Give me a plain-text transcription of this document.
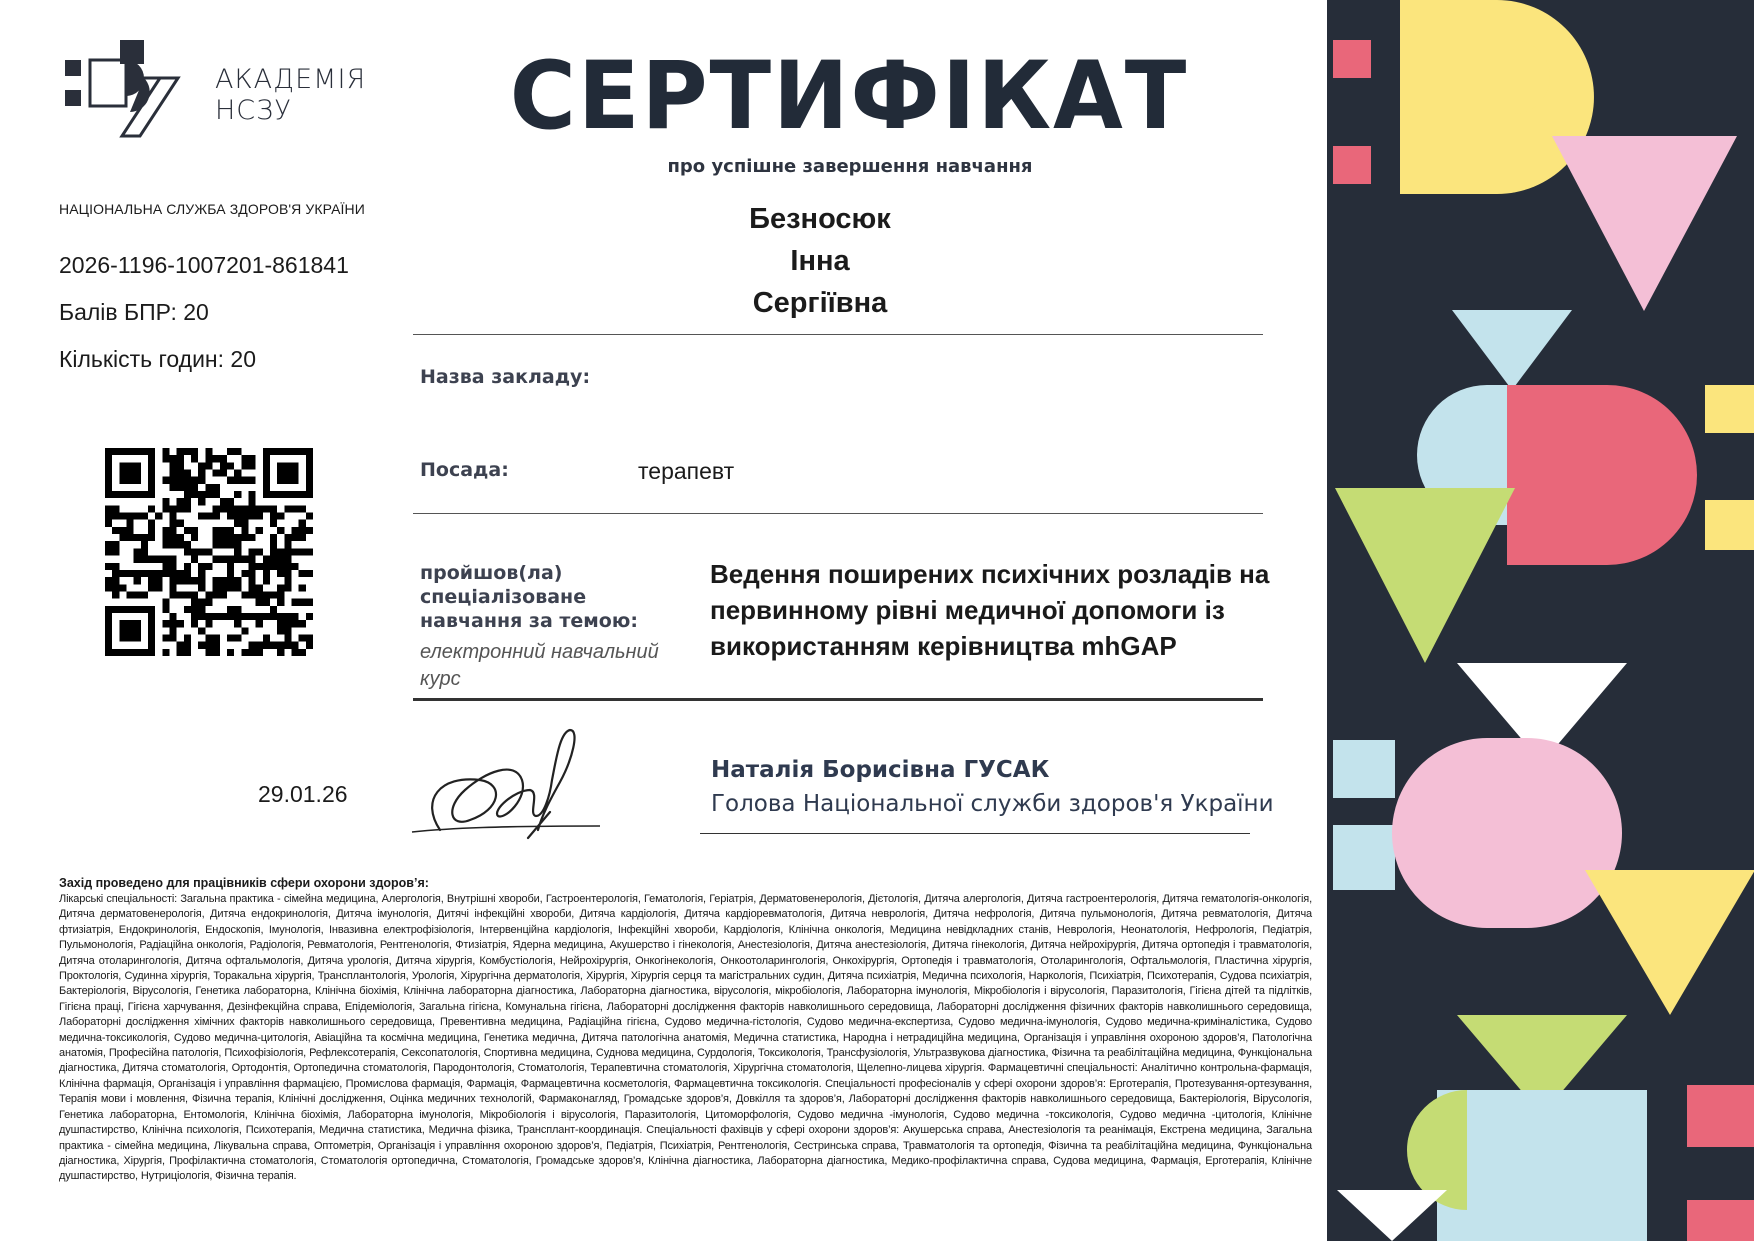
АКАДЕМІЯ
НСЗУ
НАЦІОНАЛЬНА СЛУЖБА ЗДОРОВ'Я УКРАЇНИ
2026-1196-1007201-861841
Балів БПР: 20
Кількість годин: 20
СЕРТИФІКАТ
про успішне завершення навчання
Безносюк
Інна
Сергіївна
Назва закладу:
Посада:	терапевт
пройшов(ла) спеціалізоване навчання за темою:
електронний навчальний курс
Ведення поширених психічних розладів на первинному рівні медичної допомоги із використанням керівництва mhGAP
29.01.26
Наталія Борисівна ГУСАК
Голова Національної служби здоров'я України
Захід проведено для працівників сфери охорони здоров’я:
Лікарські спеціальності: Загальна практика - сімейна медицина, Алергологія, Внутрішні хвороби, Гастроентерологія, Гематологія, Геріатрія, Дерматовенерологія, Дієтологія, Дитяча алергологія, Дитяча гастроентерологія, Дитяча гематологія-онкологія, Дитяча дерматовенерологія, Дитяча ендокринологія, Дитяча імунологія, Дитячі інфекційні хвороби, Дитяча кардіологія, Дитяча кардіоревматологія, Дитяча неврологія, Дитяча нефрологія, Дитяча пульмонологія, Дитяча ревматологія, Дитяча фтизіатрія, Ендокринологія, Ендоскопія, Імунологія, Інвазивна електрофізіологія, Інтервенційна кардіологія, Інфекційні хвороби, Кардіологія, Клінічна онкологія, Медицина невідкладних станів, Неврологія, Неонатологія, Нефрологія, Педіатрія, Пульмонологія, Радіаційна онкологія, Радіологія, Ревматологія, Рентгенологія, Фтизіатрія, Ядерна медицина, Акушерство і гінекологія, Анестезіологія, Дитяча анестезіологія, Дитяча гінекологія, Дитяча нейрохірургія, Дитяча ортопедія і травматологія, Дитяча отоларингологія, Дитяча офтальмологія, Дитяча урологія, Дитяча хірургія, Комбустіологія, Нейрохірургія, Онкогінекологія, Онкоотоларингологія, Онкохірургія, Ортопедія і травматологія, Отоларингологія, Офтальмологія, Пластична хірургія, Проктологія, Судинна хірургія, Торакальна хірургія, Трансплантологія, Урологія, Хірургічна дерматологія, Хірургія, Хірургія серця та магістральних судин, Дитяча психіатрія, Медична психологія, Наркологія, Психіатрія, Психотерапія, Судова психіатрія, Бактеріологія, Вірусологія, Генетика лабораторна, Клінічна біохімія, Клінічна лабораторна діагностика, Лабораторна діагностика, вірусологія, мікробіологія, Лабораторна імунологія, Мікробіологія і вірусологія, Паразитологія, Гігієна дітей та підлітків, Гігієна праці, Гігієна харчування, Дезінфекційна справа, Епідеміологія, Загальна гігієна, Комунальна гігієна, Лабораторні дослідження факторів навколишнього середовища, Лабораторні дослідження фізичних факторів навколишнього середовища, Лабораторні дослідження хімічних факторів навколишнього середовища, Превентивна медицина, Радіаційна гігієна, Судово медична-гістологія, Судово медична-експертиза, Судово медична-імунологія, Судово медична-криміналістика, Судово медична-токсикологія, Судово медична-цитологія, Авіаційна та космічна медицина, Генетика медична, Дитяча патологічна анатомія, Медична статистика, Народна і нетрадиційна медицина, Організація і управління охороною здоров’я, Патологічна анатомія, Професійна патологія, Психофізіологія, Рефлексотерапія, Сексопатологія, Спортивна медицина, Суднова медицина, Сурдологія, Токсикологія, Трансфузіологія, Ультразвукова діагностика, Фізична та реабілітаційна медицина, Функціональна діагностика, Дитяча стоматологія, Ортодонтія, Ортопедична стоматологія, Пародонтологія, Стоматологія, Терапевтична стоматологія, Хірургічна стоматологія, Щелепно-лицева хірургія. Фармацевтичні спеціальності: Аналітично контрольна-фармація, Клінічна фармація, Організація і управління фармацією, Промислова фармація, Фармація, Фармацевтична косметологія, Фармацевтична токсикологія. Спеціальності професіоналів у сфері охорони здоров’я: Ерготерапія, Протезування-ортезування, Терапія мови і мовлення, Фізична терапія, Клінічні дослідження, Оцінка медичних технологій, Фармаконагляд, Громадське здоров’я, Довкілля та здоров’я, Лабораторні дослідження факторів навколишнього середовища, Бактеріологія, Вірусологія, Генетика лабораторна, Ентомологія, Клінічна біохімія, Лабораторна імунологія, Мікробіологія і вірусологія, Паразитологія, Цитоморфологія, Судово медична -імунологія, Судово медична -токсикологія, Судово медична -цитологія, Клінічне душпастирство, Клінічна психологія, Психотерапія, Медична статистика, Медична фізика, Трансплант-координація. Спеціальності фахівців у сфері охорони здоров’я: Акушерська справа, Анестезіологія та реанімація, Екстрена медицина, Загальна практика - сімейна медицина, Лікувальна справа, Оптометрія, Організація і управління охороною здоров’я, Педіатрія, Психіатрія, Рентгенологія, Сестринська справа, Травматологія та ортопедія, Фізична та реабілітаційна медицина, Функціональна діагностика, Хірургія, Профілактична стоматологія, Стоматологія ортопедична, Стоматологія, Громадське здоров’я, Клінічна діагностика, Лабораторна діагностика, Медико-профілактична справа, Судова медицина, Фармація, Ерготерапія, Клінічне душпастирство, Нутриціологія, Фізична терапія.
